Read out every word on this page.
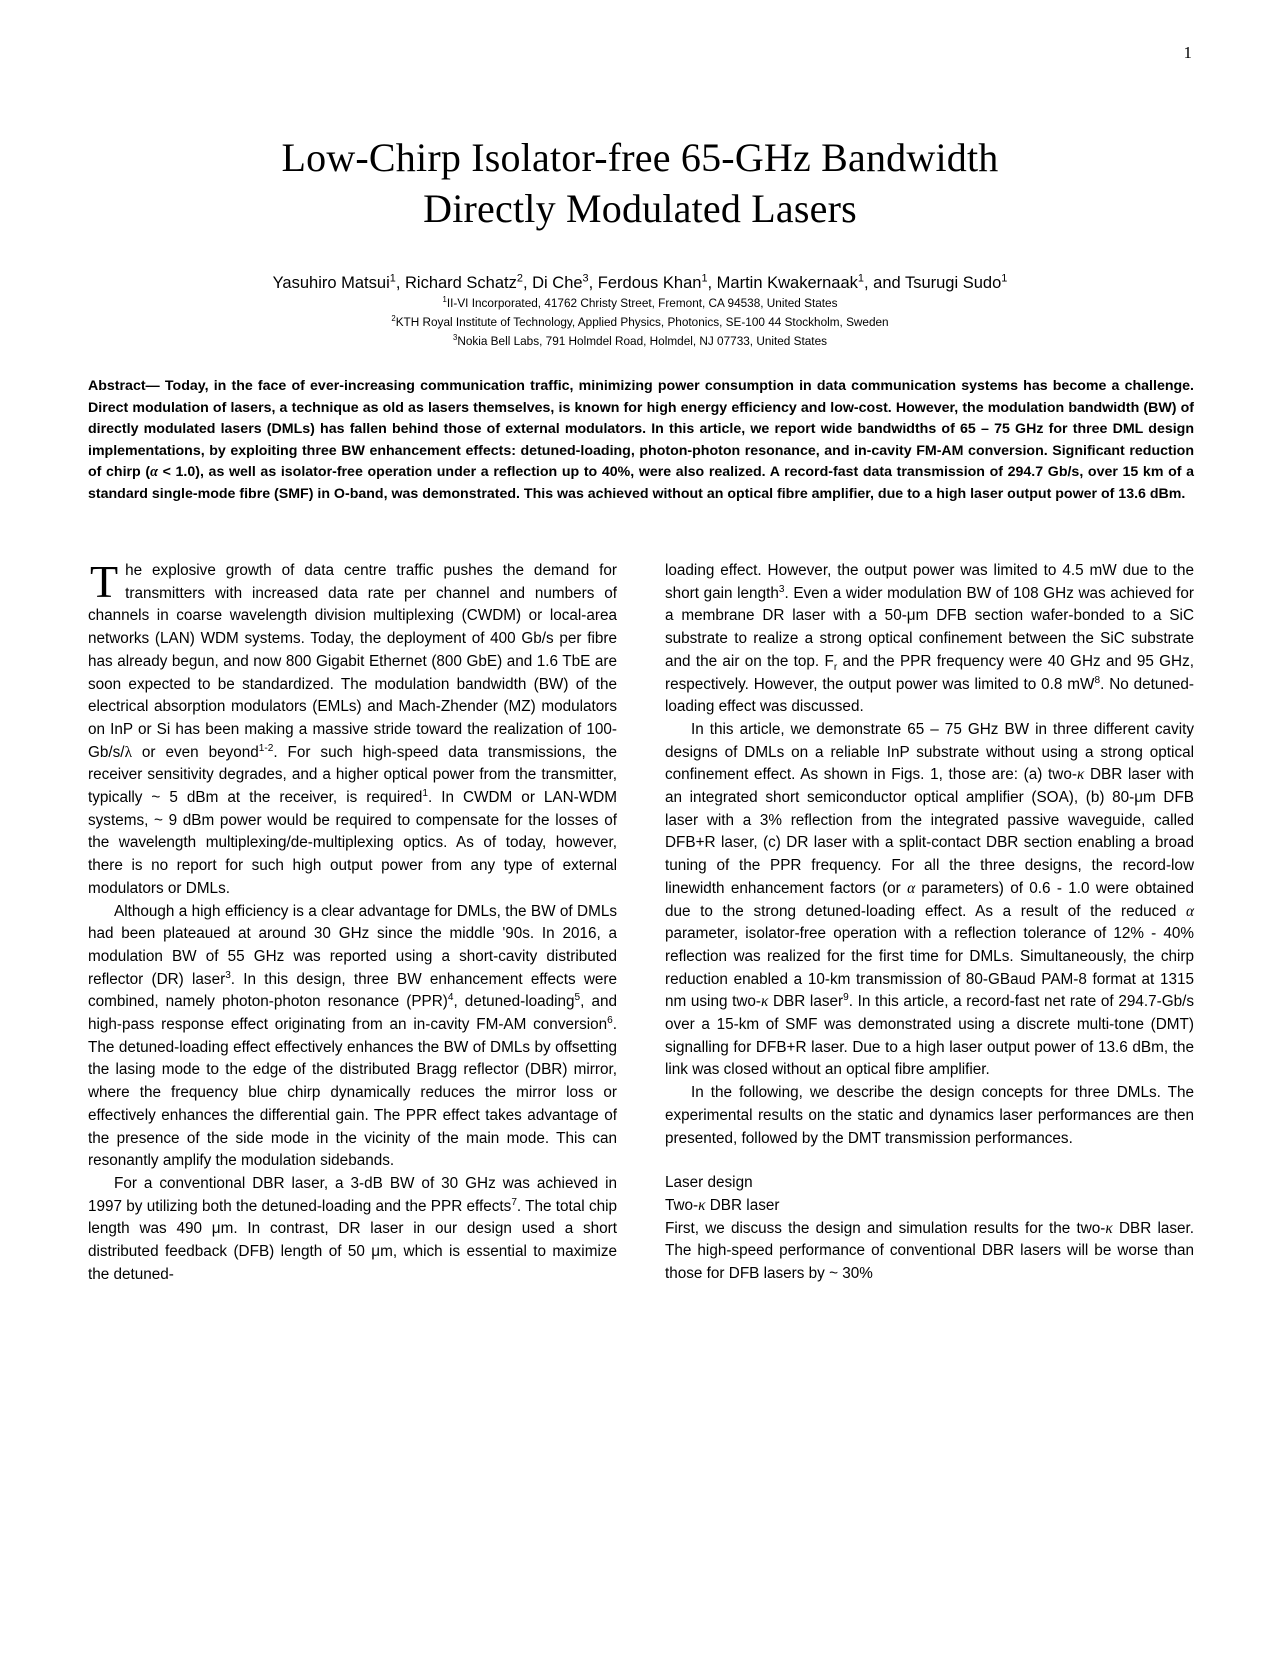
1
Low-Chirp Isolator-free 65-GHz Bandwidth
Directly Modulated Lasers
Yasuhiro Matsui$^1$, Richard Schatz$^2$, Di Che$^3$, Ferdous Khan$^1$, Martin Kwakernaak$^1$, and Tsurugi Sudo$^1$
$^1$II-VI Incorporated, 41762 Christy Street, Fremont, CA 94538, United States
$^2$KTH Royal Institute of Technology, Applied Physics, Photonics, SE-100 44 Stockholm, Sweden
$^3$Nokia Bell Labs, 791 Holmdel Road, Holmdel, NJ 07733, United States
Abstract— Today, in the face of ever-increasing communication traffic, minimizing power consumption in data communication systems has become a challenge. Direct modulation of lasers, a technique as old as lasers themselves, is known for high energy efficiency and low-cost. However, the modulation bandwidth (BW) of directly modulated lasers (DMLs) has fallen behind those of external modulators. In this article, we report wide bandwidths of 65 – 75 GHz for three DML design implementations, by exploiting three BW enhancement effects: detuned-loading, photon-photon resonance, and in-cavity FM-AM conversion. Significant reduction of chirp (α < 1.0), as well as isolator-free operation under a reflection up to 40%, were also realized. A record-fast data transmission of 294.7 Gb/s, over 15 km of a standard single-mode fibre (SMF) in O-band, was demonstrated. This was achieved without an optical fibre amplifier, due to a high laser output power of 13.6 dBm.

The explosive growth of data centre traffic pushes the demand for transmitters with increased data rate per channel and numbers of channels in coarse wavelength division multiplexing (CWDM) or local-area networks (LAN) WDM systems. Today, the deployment of 400 Gb/s per fibre has already begun, and now 800 Gigabit Ethernet (800 GbE) and 1.6 TbE are soon expected to be standardized. The modulation bandwidth (BW) of the electrical absorption modulators (EMLs) and Mach-Zhender (MZ) modulators on InP or Si has been making a massive stride toward the realization of 100-Gb/s/λ or even beyond$^{1-2}$. For such high-speed data transmissions, the receiver sensitivity degrades, and a higher optical power from the transmitter, typically ~ 5 dBm at the receiver, is required$^1$. In CWDM or LAN-WDM systems, ~ 9 dBm power would be required to compensate for the losses of the wavelength multiplexing/de-multiplexing optics. As of today, however, there is no report for such high output power from any type of external modulators or DMLs.

Although a high efficiency is a clear advantage for DMLs, the BW of DMLs had been plateaued at around 30 GHz since the middle '90s. In 2016, a modulation BW of 55 GHz was reported using a short-cavity distributed reflector (DR) laser$^3$. In this design, three BW enhancement effects were combined, namely photon-photon resonance (PPR)$^4$, detuned-loading$^5$, and high-pass response effect originating from an in-cavity FM-AM conversion$^6$. The detuned-loading effect effectively enhances the BW of DMLs by offsetting the lasing mode to the edge of the distributed Bragg reflector (DBR) mirror, where the frequency blue chirp dynamically reduces the mirror loss or effectively enhances the differential gain. The PPR effect takes advantage of the presence of the side mode in the vicinity of the main mode. This can resonantly amplify the modulation sidebands.

For a conventional DBR laser, a 3-dB BW of 30 GHz was achieved in 1997 by utilizing both the detuned-loading and the PPR effects$^7$. The total chip length was 490 μm. In contrast, DR laser in our design used a short distributed feedback (DFB) length of 50 μm, which is essential to maximize the detuned-

loading effect. However, the output power was limited to 4.5 mW due to the short gain length$^3$. Even a wider modulation BW of 108 GHz was achieved for a membrane DR laser with a 50-μm DFB section wafer-bonded to a SiC substrate to realize a strong optical confinement between the SiC substrate and the air on the top. $F_r$ and the PPR frequency were 40 GHz and 95 GHz, respectively. However, the output power was limited to 0.8 $mW^8$. No detuned-loading effect was discussed.

In this article, we demonstrate 65 – 75 GHz BW in three different cavity designs of DMLs on a reliable InP substrate without using a strong optical confinement effect. As shown in Figs. 1, those are: (a) two-κ DBR laser with an integrated short semiconductor optical amplifier (SOA), (b) 80-μm DFB laser with a 3% reflection from the integrated passive waveguide, called DFB+R laser, (c) DR laser with a split-contact DBR section enabling a broad tuning of the PPR frequency. For all the three designs, the record-low linewidth enhancement factors (or α parameters) of 0.6 - 1.0 were obtained due to the strong detuned-loading effect. As a result of the reduced α parameter, isolator-free operation with a reflection tolerance of 12% - 40% reflection was realized for the first time for DMLs. Simultaneously, the chirp reduction enabled a 10-km transmission of 80-GBaud PAM-8 format at 1315 nm using two-κ DBR laser$^9$. In this article, a record-fast net rate of 294.7-Gb/s over a 15-km of SMF was demonstrated using a discrete multi-tone (DMT) signalling for DFB+R laser. Due to a high laser output power of 13.6 dBm, the link was closed without an optical fibre amplifier.

In the following, we describe the design concepts for three DMLs. The experimental results on the static and dynamics laser performances are then presented, followed by the DMT transmission performances.

Laser design
Two-κ DBR laser

First, we discuss the design and simulation results for the two-κ DBR laser. The high-speed performance of conventional DBR lasers will be worse than those for DFB lasers by ~ 30%
